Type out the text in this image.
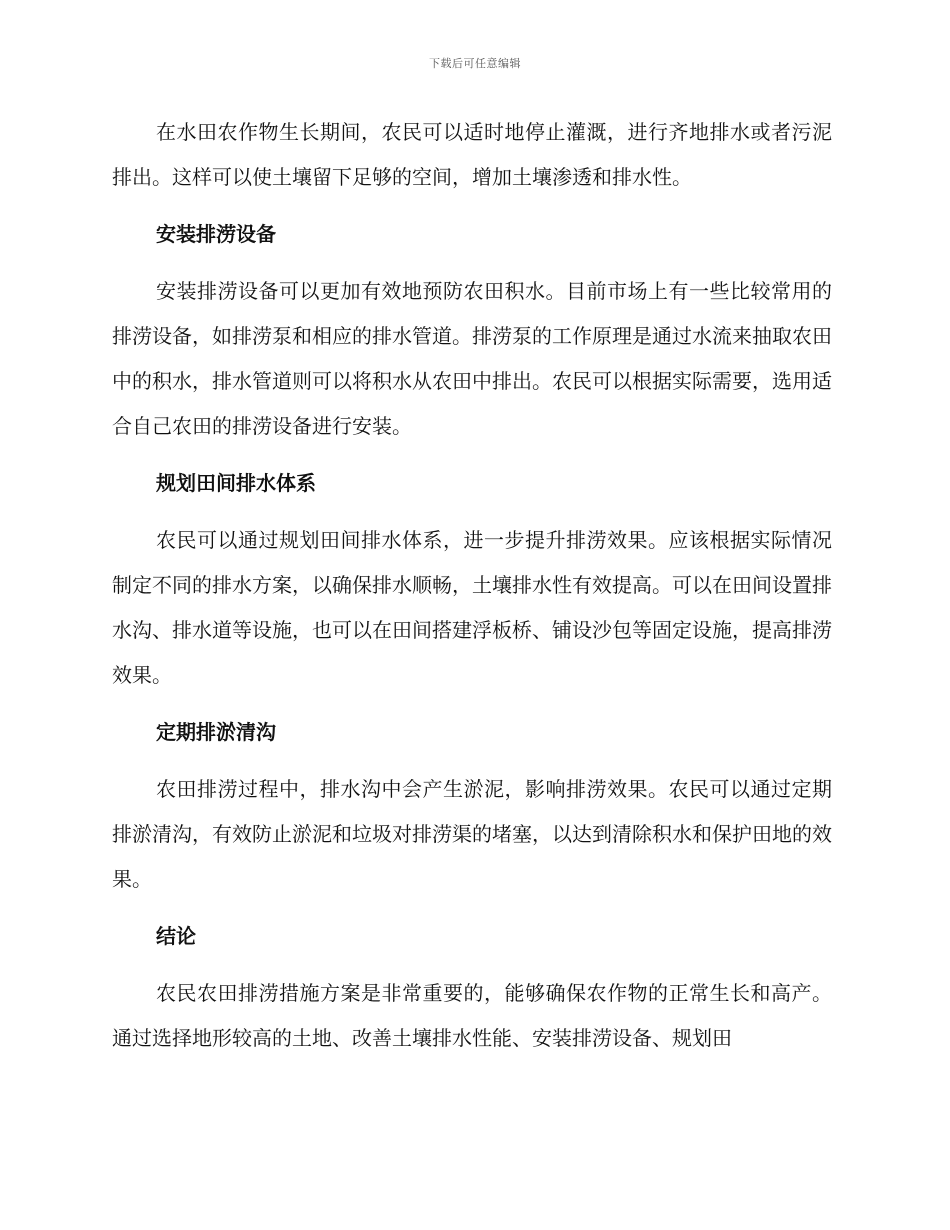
下载后可任意编辑

在水田农作物生长期间，农民可以适时地停止灌溉，进行齐地排水或者污泥排出。这样可以使土壤留下足够的空间，增加土壤渗透和排水性。

安装排涝设备

安装排涝设备可以更加有效地预防农田积水。目前市场上有一些比较常用的排涝设备，如排涝泵和相应的排水管道。排涝泵的工作原理是通过水流来抽取农田中的积水，排水管道则可以将积水从农田中排出。农民可以根据实际需要，选用适合自己农田的排涝设备进行安装。

规划田间排水体系

农民可以通过规划田间排水体系，进一步提升排涝效果。应该根据实际情况制定不同的排水方案，以确保排水顺畅，土壤排水性有效提高。可以在田间设置排水沟、排水道等设施，也可以在田间搭建浮板桥、铺设沙包等固定设施，提高排涝效果。

定期排淤清沟

农田排涝过程中，排水沟中会产生淤泥，影响排涝效果。农民可以通过定期排淤清沟，有效防止淤泥和垃圾对排涝渠的堵塞，以达到清除积水和保护田地的效果。

结论

农民农田排涝措施方案是非常重要的，能够确保农作物的正常生长和高产。通过选择地形较高的土地、改善土壤排水性能、安装排涝设备、规划田
